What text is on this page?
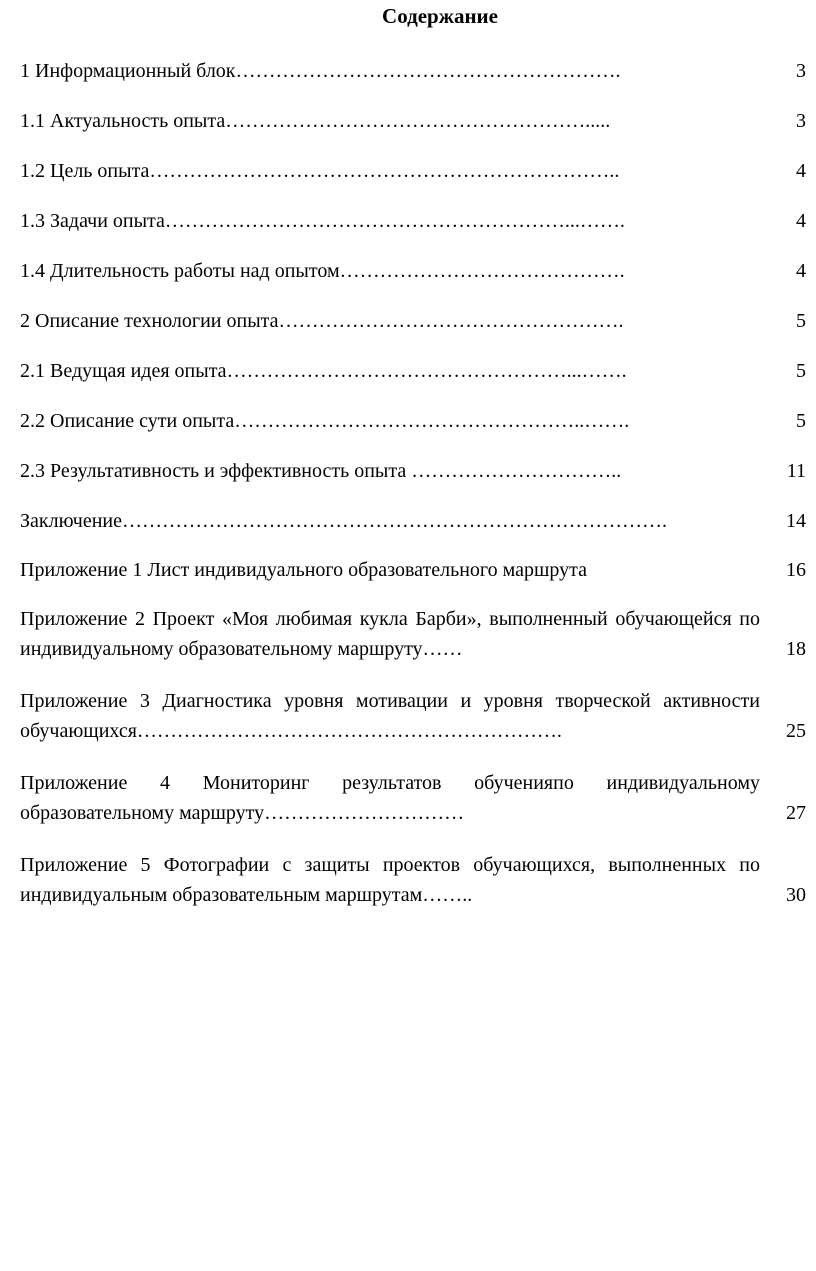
Содержание
1 Информационный блок………………………………………………….	3
1.1 Актуальность опыта……………………………………………….....	3
1.2 Цель опыта……………………………………………………………..	4
1.3 Задачи опыта……………………………………………………...…….	4
1.4 Длительность работы над опытом…………………………………….	4
2 Описание технологии опыта…………………………………………….	5
2.1 Ведущая идея опыта……………………………………………...…….	5
2.2 Описание сути опыта……………………………………………..…….	5
2.3 Результативность и эффективность опыта …………………………..	11
Заключение……………………………………………………………………….	14
Приложение 1 Лист индивидуального образовательного маршрута	16
Приложение 2 Проект «Моя любимая кукла Барби», выполненный обучающейся по индивидуальному образовательному маршруту……	18
Приложение 3 Диагностика уровня мотивации и уровня творческой активности обучающихся……………………………………………………….	25
Приложение 4 Мониторинг результатов обученияпо индивидуальному образовательному маршруту…………………………	27
Приложение 5 Фотографии с защиты проектов обучающихся, выполненных по индивидуальным образовательным маршрутам……..	30
